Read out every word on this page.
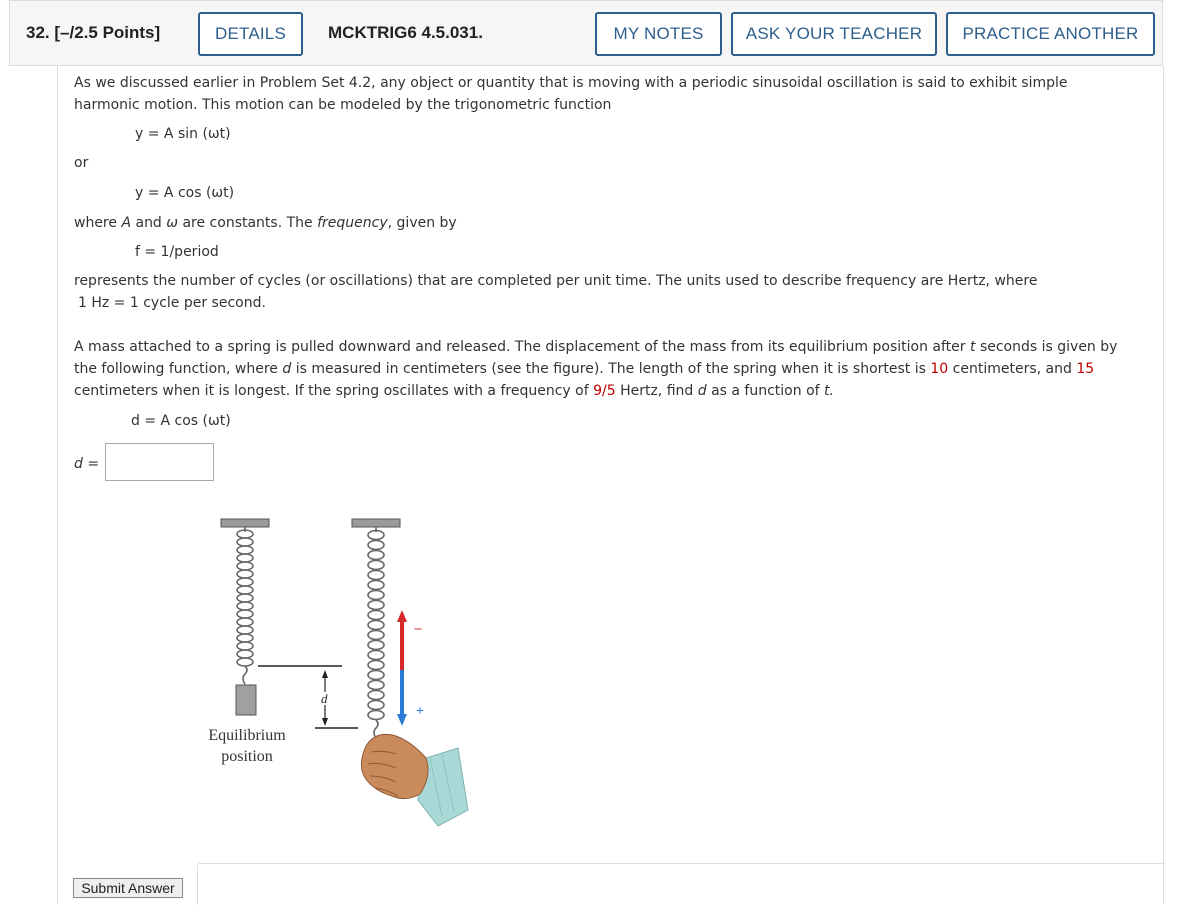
32. [–/2.5 Points]	DETAILS	MCKTRIG6 4.5.031.	MY NOTES	ASK YOUR TEACHER	PRACTICE ANOTHER
As we discussed earlier in Problem Set 4.2, any object or quantity that is moving with a periodic sinusoidal oscillation is said to exhibit simple
harmonic motion. This motion can be modeled by the trigonometric function
y = A sin (ωt)
or
y = A cos (ωt)
where A and ω are constants. The frequency, given by
f = 1/period
represents the number of cycles (or oscillations) that are completed per unit time. The units used to describe frequency are Hertz, where
1 Hz = 1 cycle per second.
A mass attached to a spring is pulled downward and released. The displacement of the mass from its equilibrium position after t seconds is given by
the following function, where d is measured in centimeters (see the figure). The length of the spring when it is shortest is 10 centimeters, and 15
centimeters when it is longest. If the spring oscillates with a frequency of 9/5 Hertz, find d as a function of t.
d = A cos (ωt)
d =
d
Equilibrium
position
–
+
Submit Answer
